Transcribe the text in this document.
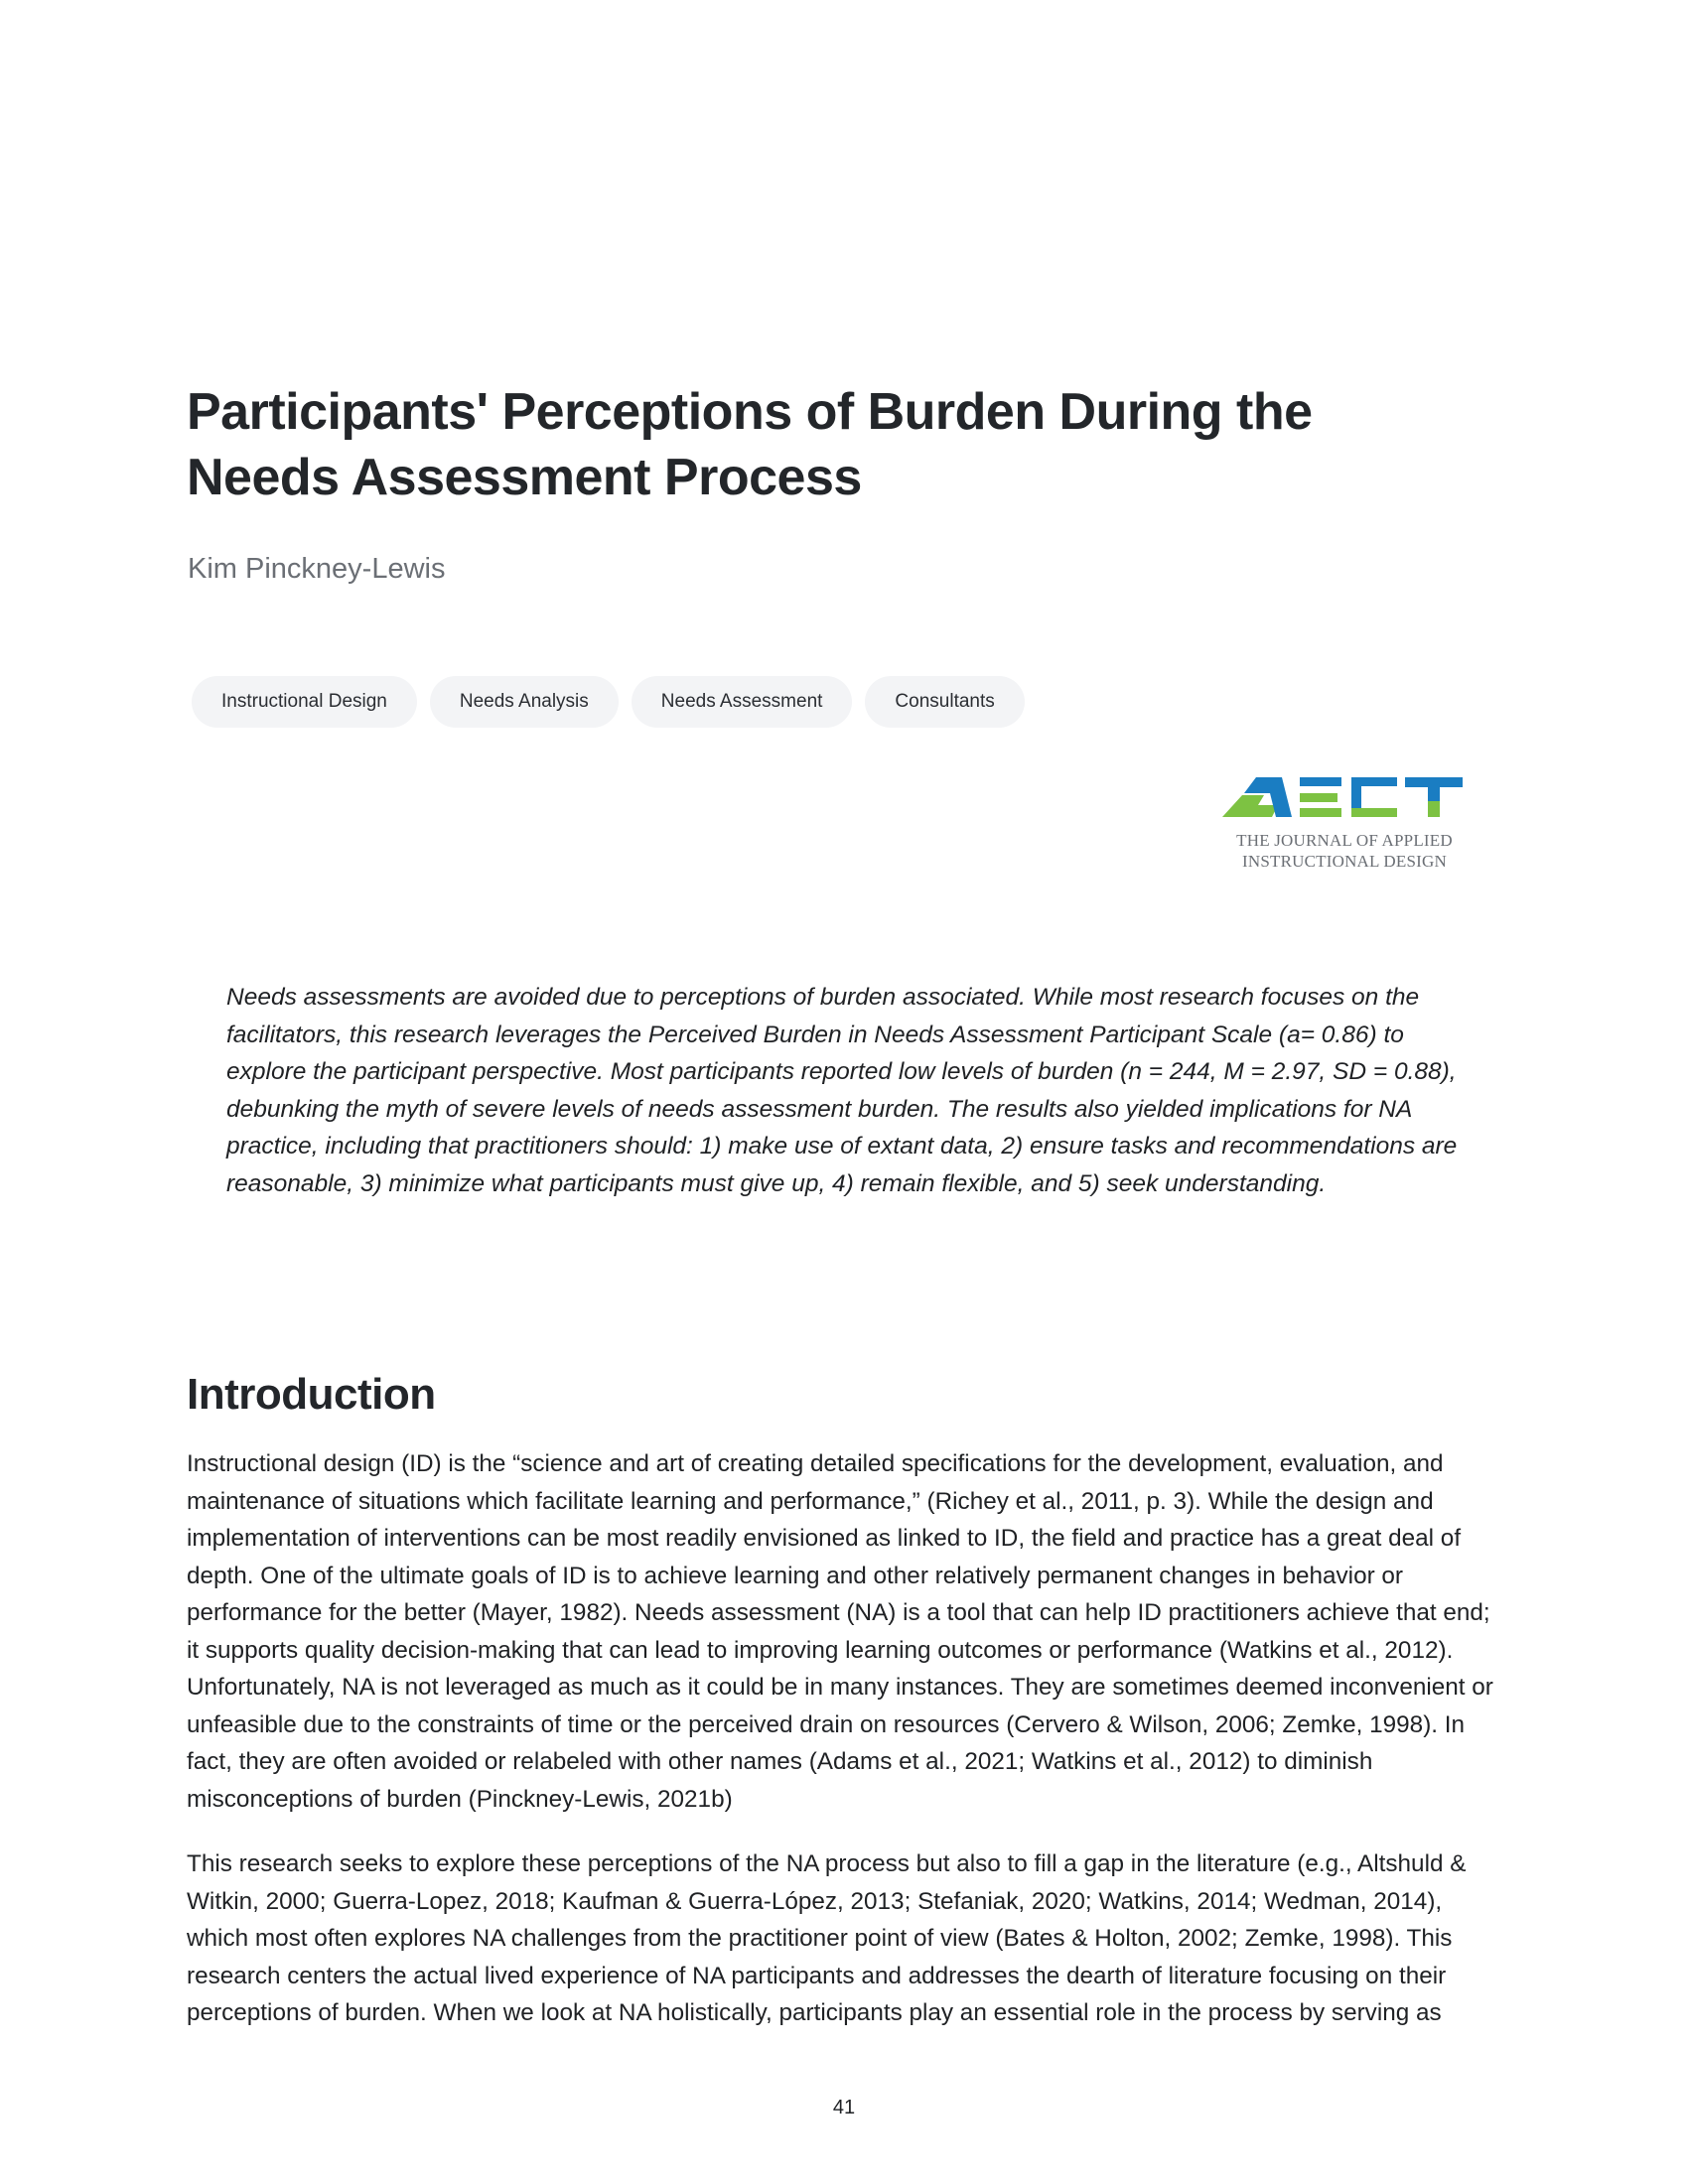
Participants' Perceptions of Burden During the Needs Assessment Process

Kim Pinckney-Lewis

Instructional Design	Needs Analysis	Needs Assessment	Consultants
THE JOURNAL OF APPLIED
INSTRUCTIONAL DESIGN

Needs assessments are avoided due to perceptions of burden associated. While most research focuses on the facilitators, this research leverages the Perceived Burden in Needs Assessment Participant Scale (a= 0.86) to explore the participant perspective. Most participants reported low levels of burden (n = 244, M = 2.97, SD = 0.88), debunking the myth of severe levels of needs assessment burden. The results also yielded implications for NA practice, including that practitioners should: 1) make use of extant data, 2) ensure tasks and recommendations are reasonable, 3) minimize what participants must give up, 4) remain flexible, and 5) seek understanding.

Introduction

Instructional design (ID) is the “science and art of creating detailed specifications for the development, evaluation, and maintenance of situations which facilitate learning and performance,” (Richey et al., 2011, p. 3). While the design and implementation of interventions can be most readily envisioned as linked to ID, the field and practice has a great deal of depth. One of the ultimate goals of ID is to achieve learning and other relatively permanent changes in behavior or performance for the better (Mayer, 1982). Needs assessment (NA) is a tool that can help ID practitioners achieve that end; it supports quality decision-making that can lead to improving learning outcomes or performance (Watkins et al., 2012). Unfortunately, NA is not leveraged as much as it could be in many instances. They are sometimes deemed inconvenient or unfeasible due to the constraints of time or the perceived drain on resources (Cervero & Wilson, 2006; Zemke, 1998). In fact, they are often avoided or relabeled with other names (Adams et al., 2021; Watkins et al., 2012) to diminish misconceptions of burden (Pinckney-Lewis, 2021b)

This research seeks to explore these perceptions of the NA process but also to fill a gap in the literature (e.g., Altshuld & Witkin, 2000; Guerra-Lopez, 2018; Kaufman & Guerra-López, 2013; Stefaniak, 2020; Watkins, 2014; Wedman, 2014), which most often explores NA challenges from the practitioner point of view (Bates & Holton, 2002; Zemke, 1998). This research centers the actual lived experience of NA participants and addresses the dearth of literature focusing on their perceptions of burden. When we look at NA holistically, participants play an essential role in the process by serving as

41
